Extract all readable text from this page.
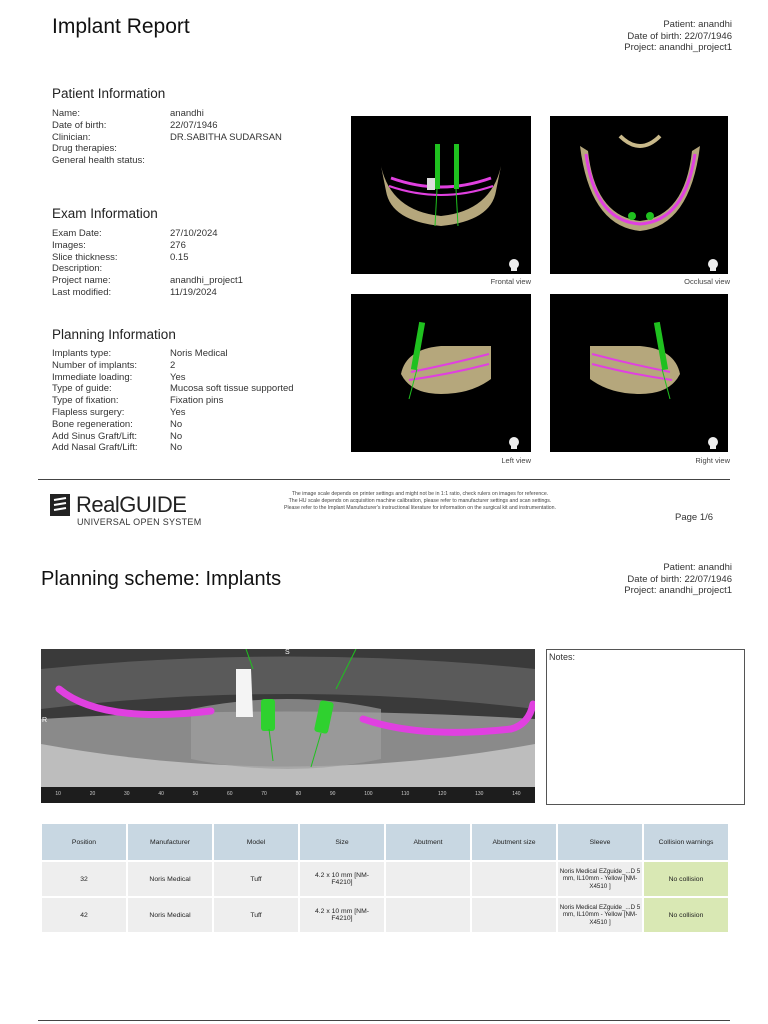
Implant Report	Patient: anandhi
Date of birth: 22/07/1946
Project: anandhi_project1
Patient Information
Name:	anandhi
Date of birth:	22/07/1946
Clinician:	DR.SABITHA SUDARSAN
Drug therapies:
General health status:
Exam Information
Exam Date:	27/10/2024
Images:	276
Slice thickness:	0.15
Description:
Project name:	anandhi_project1
Last modified:	11/19/2024
Planning Information
Implants type:	Noris Medical
Number of implants:	2
Immediate loading:	Yes
Type of guide:	Mucosa soft tissue supported
Type of fixation:	Fixation pins
Flapless surgery:	Yes
Bone regeneration:	No
Add Sinus Graft/Lift:	No
Add Nasal Graft/Lift:	No
Frontal view	Occlusal view
Left view	Right view
RealGUIDE
UNIVERSAL OPEN SYSTEM
The image scale depends on printer settings and might not be in 1:1 ratio, check rulers on images for reference.
The HU scale depends on acquisition machine calibration, please refer to manufacturer settings and scan settings.
Please refer to the Implant Manufacturer's instructional literature for information on the surgical kit and instrumentation.
Page 1/6
Planning scheme: Implants
Patient: anandhi
Date of birth: 22/07/1946
Project: anandhi_project1
S
R
10	20	30	40	50	60	70	80	90	100	110	120	130	140
Notes:
Position	Manufacturer	Model	Size	Abutment	Abutment size	Sleeve	Collision warnings
32	Noris Medical	Tuff	4.2 x 10 mm [NM-F4210]			Noris Medical EZguide_...D 5 mm, IL10mm - Yellow [NM-X4510 ]	No collision
42	Noris Medical	Tuff	4.2 x 10 mm [NM-F4210]			Noris Medical EZguide_...D 5 mm, IL10mm - Yellow [NM-X4510 ]	No collision
